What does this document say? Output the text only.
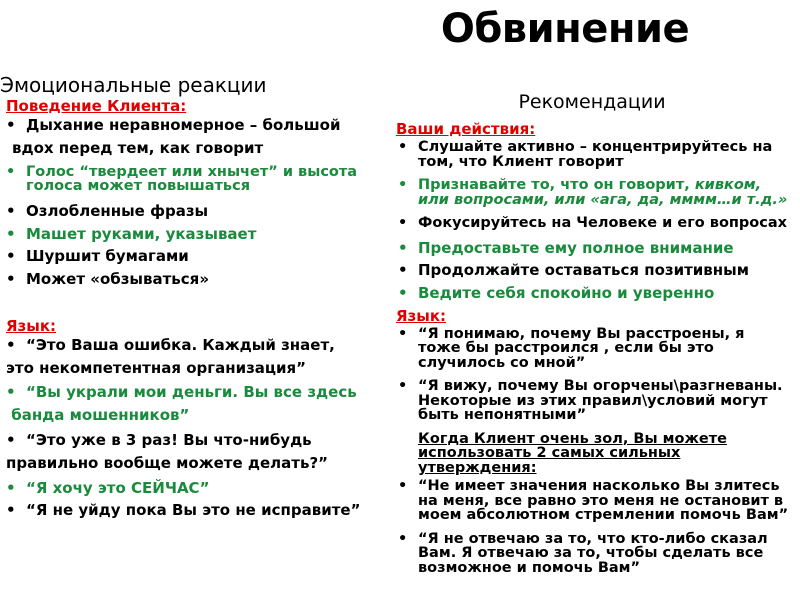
Обвинение
Эмоциональные реакции
Поведение Клиента:
• Дыхание неравномерное – большой
вдох перед тем, как говорит
• Голос “твердеет или хнычет” и высота голоса может повышаться
• Озлобленные фразы
• Машет руками, указывает
• Шуршит бумагами
• Может «обзываться»
Язык:
• “Это Ваша ошибка. Каждый знает,
это некомпетентная организация”
• “Вы украли мои деньги. Вы все здесь
банда мошенников”
• “Это уже в 3 раз! Вы что-нибудь
правильно вообще можете делать?”
• “Я хочу это СЕЙЧАС”
• “Я не уйду пока Вы это не исправите”
Рекомендации
Ваши действия:
• Слушайте активно – концентрируйтесь на том, что Клиент говорит
• Признавайте то, что он говорит, кивком, или вопросами, или «ага, да, мммм…и т.д.»
• Фокусируйтесь на Человеке и его вопросах
• Предоставьте ему полное внимание
• Продолжайте оставаться позитивным
• Ведите себя спокойно и уверенно
Язык:
• “Я понимаю, почему Вы расстроены, я тоже бы расстроился , если бы это случилось со мной”
• “Я вижу, почему Вы огорчены\разгневаны. Некоторые из этих правил\условий могут быть непонятными”
Когда Клиент очень зол, Вы можете использовать 2 самых сильных утверждения:
• “Не имеет значения насколько Вы злитесь на меня, все равно это меня не остановит в моем абсолютном стремлении помочь Вам”
• “Я не отвечаю за то, что кто-либо сказал Вам. Я отвечаю за то, чтобы сделать все возможное и помочь Вам”
